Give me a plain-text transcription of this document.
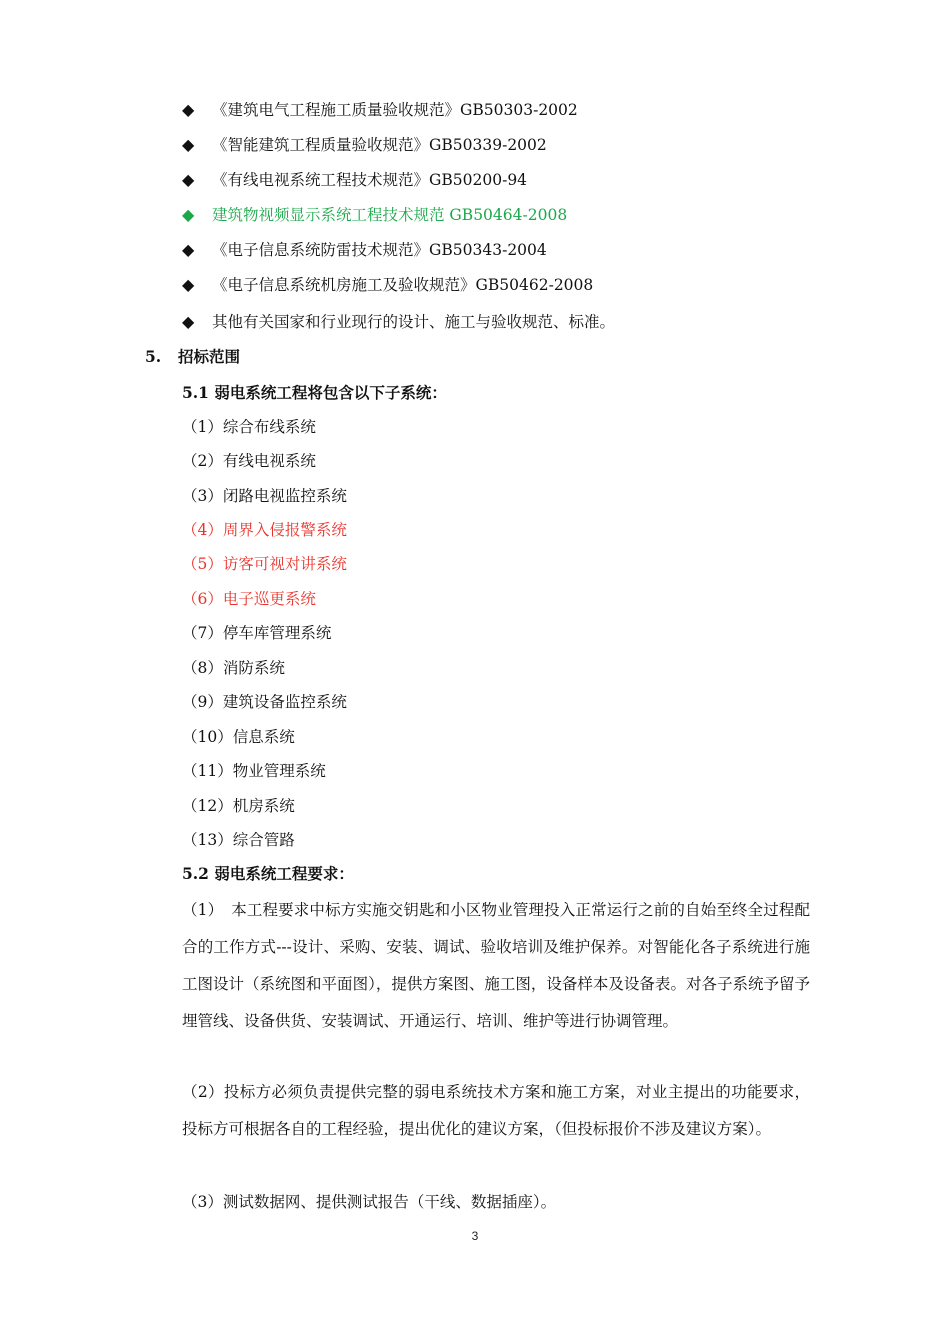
◆	《建筑电气工程施工质量验收规范》GB50303-2002
◆	《智能建筑工程质量验收规范》GB50339-2002
◆	《有线电视系统工程技术规范》GB50200-94
◆	建筑物视频显示系统工程技术规范 GB50464-2008
◆	《电子信息系统防雷技术规范》GB50343-2004
◆	《电子信息系统机房施工及验收规范》GB50462-2008
◆	其他有关国家和行业现行的设计、施工与验收规范、标准。
5. 招标范围
5.1 弱电系统工程将包含以下子系统：
（1）综合布线系统
（2）有线电视系统
（3）闭路电视监控系统
（4）周界入侵报警系统
（5）访客可视对讲系统
（6）电子巡更系统
（7）停车库管理系统
（8）消防系统
（9）建筑设备监控系统
（10）信息系统
（11）物业管理系统
（12）机房系统
（13）综合管路
5.2 弱电系统工程要求：
（1）　本工程要求中标方实施交钥匙和小区物业管理投入正常运行之前的自始至终全过程配合的工作方式---设计、采购、安装、调试、验收培训及维护保养。对智能化各子系统进行施工图设计（系统图和平面图），提供方案图、施工图，设备样本及设备表。对各子系统予留予埋管线、设备供货、安装调试、开通运行、培训、维护等进行协调管理。
（2）投标方必须负责提供完整的弱电系统技术方案和施工方案，对业主提出的功能要求，投标方可根据各自的工程经验，提出优化的建议方案，（但投标报价不涉及建议方案）。
（3）测试数据网、提供测试报告（干线、数据插座）。
3
